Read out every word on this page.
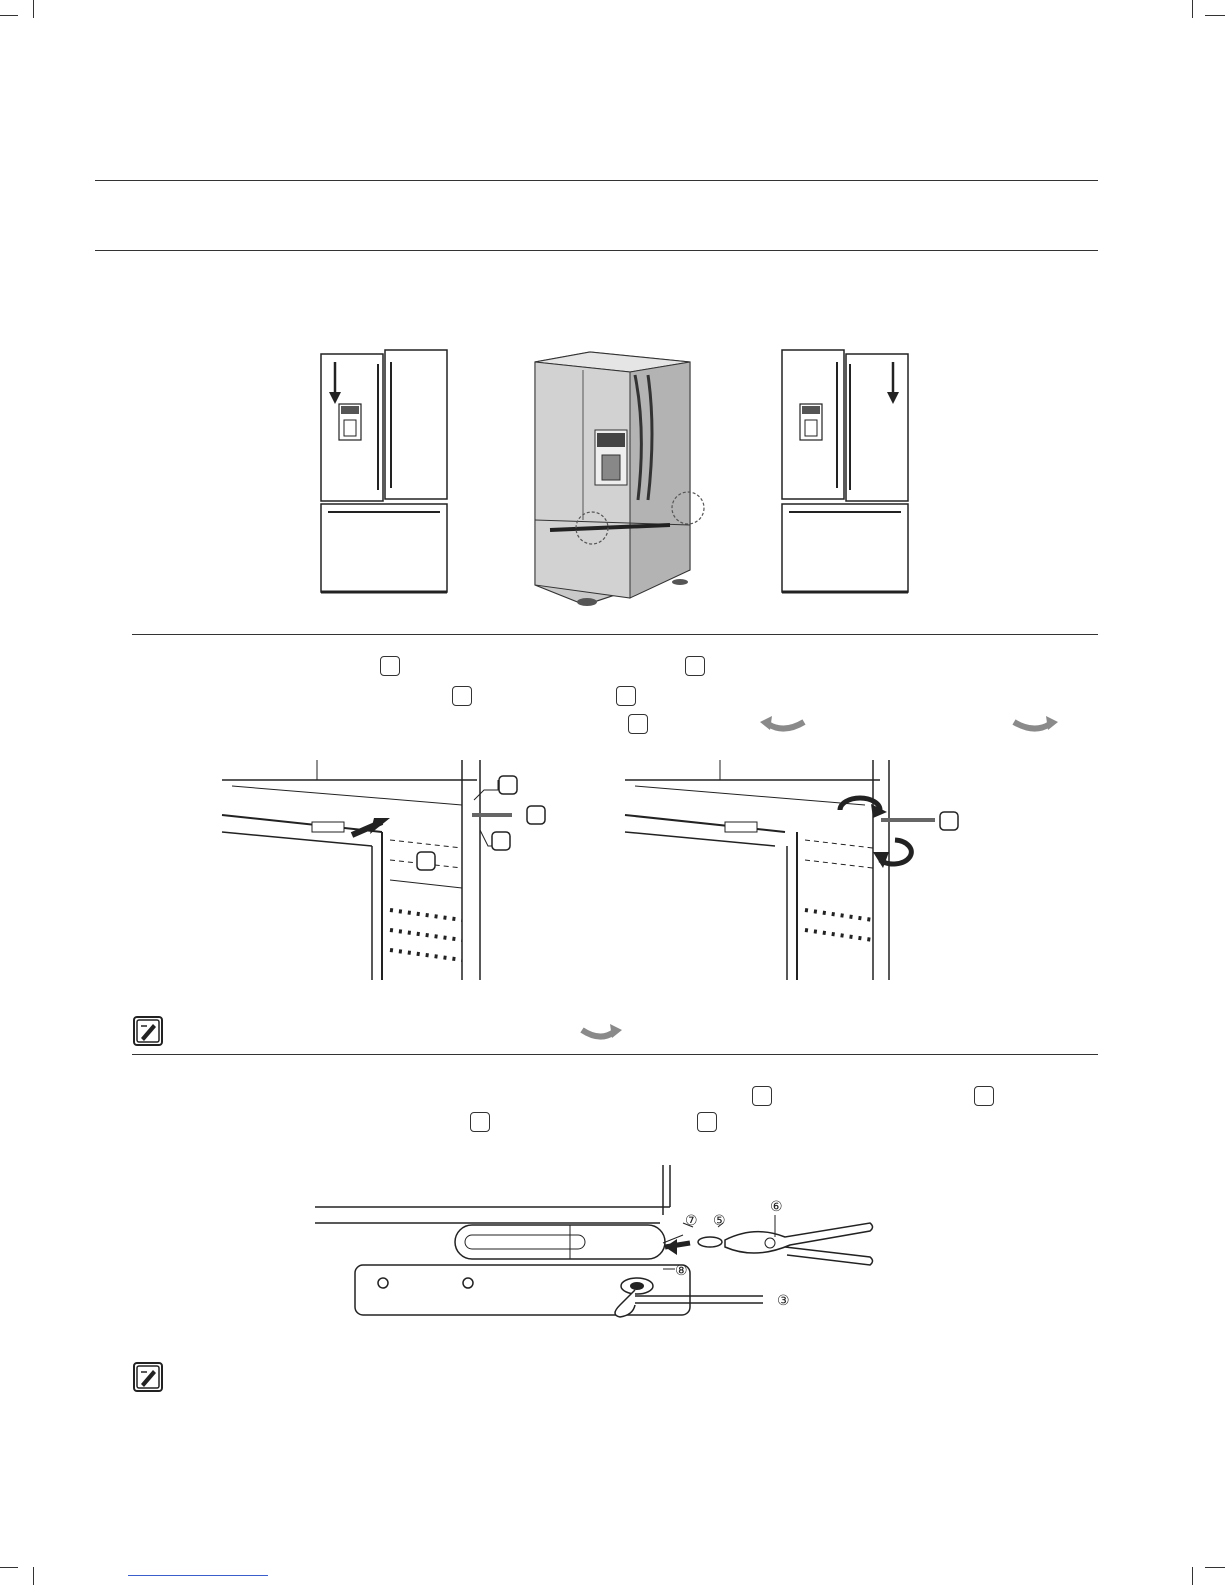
⑦ ⑤
⑥
⑧
③
